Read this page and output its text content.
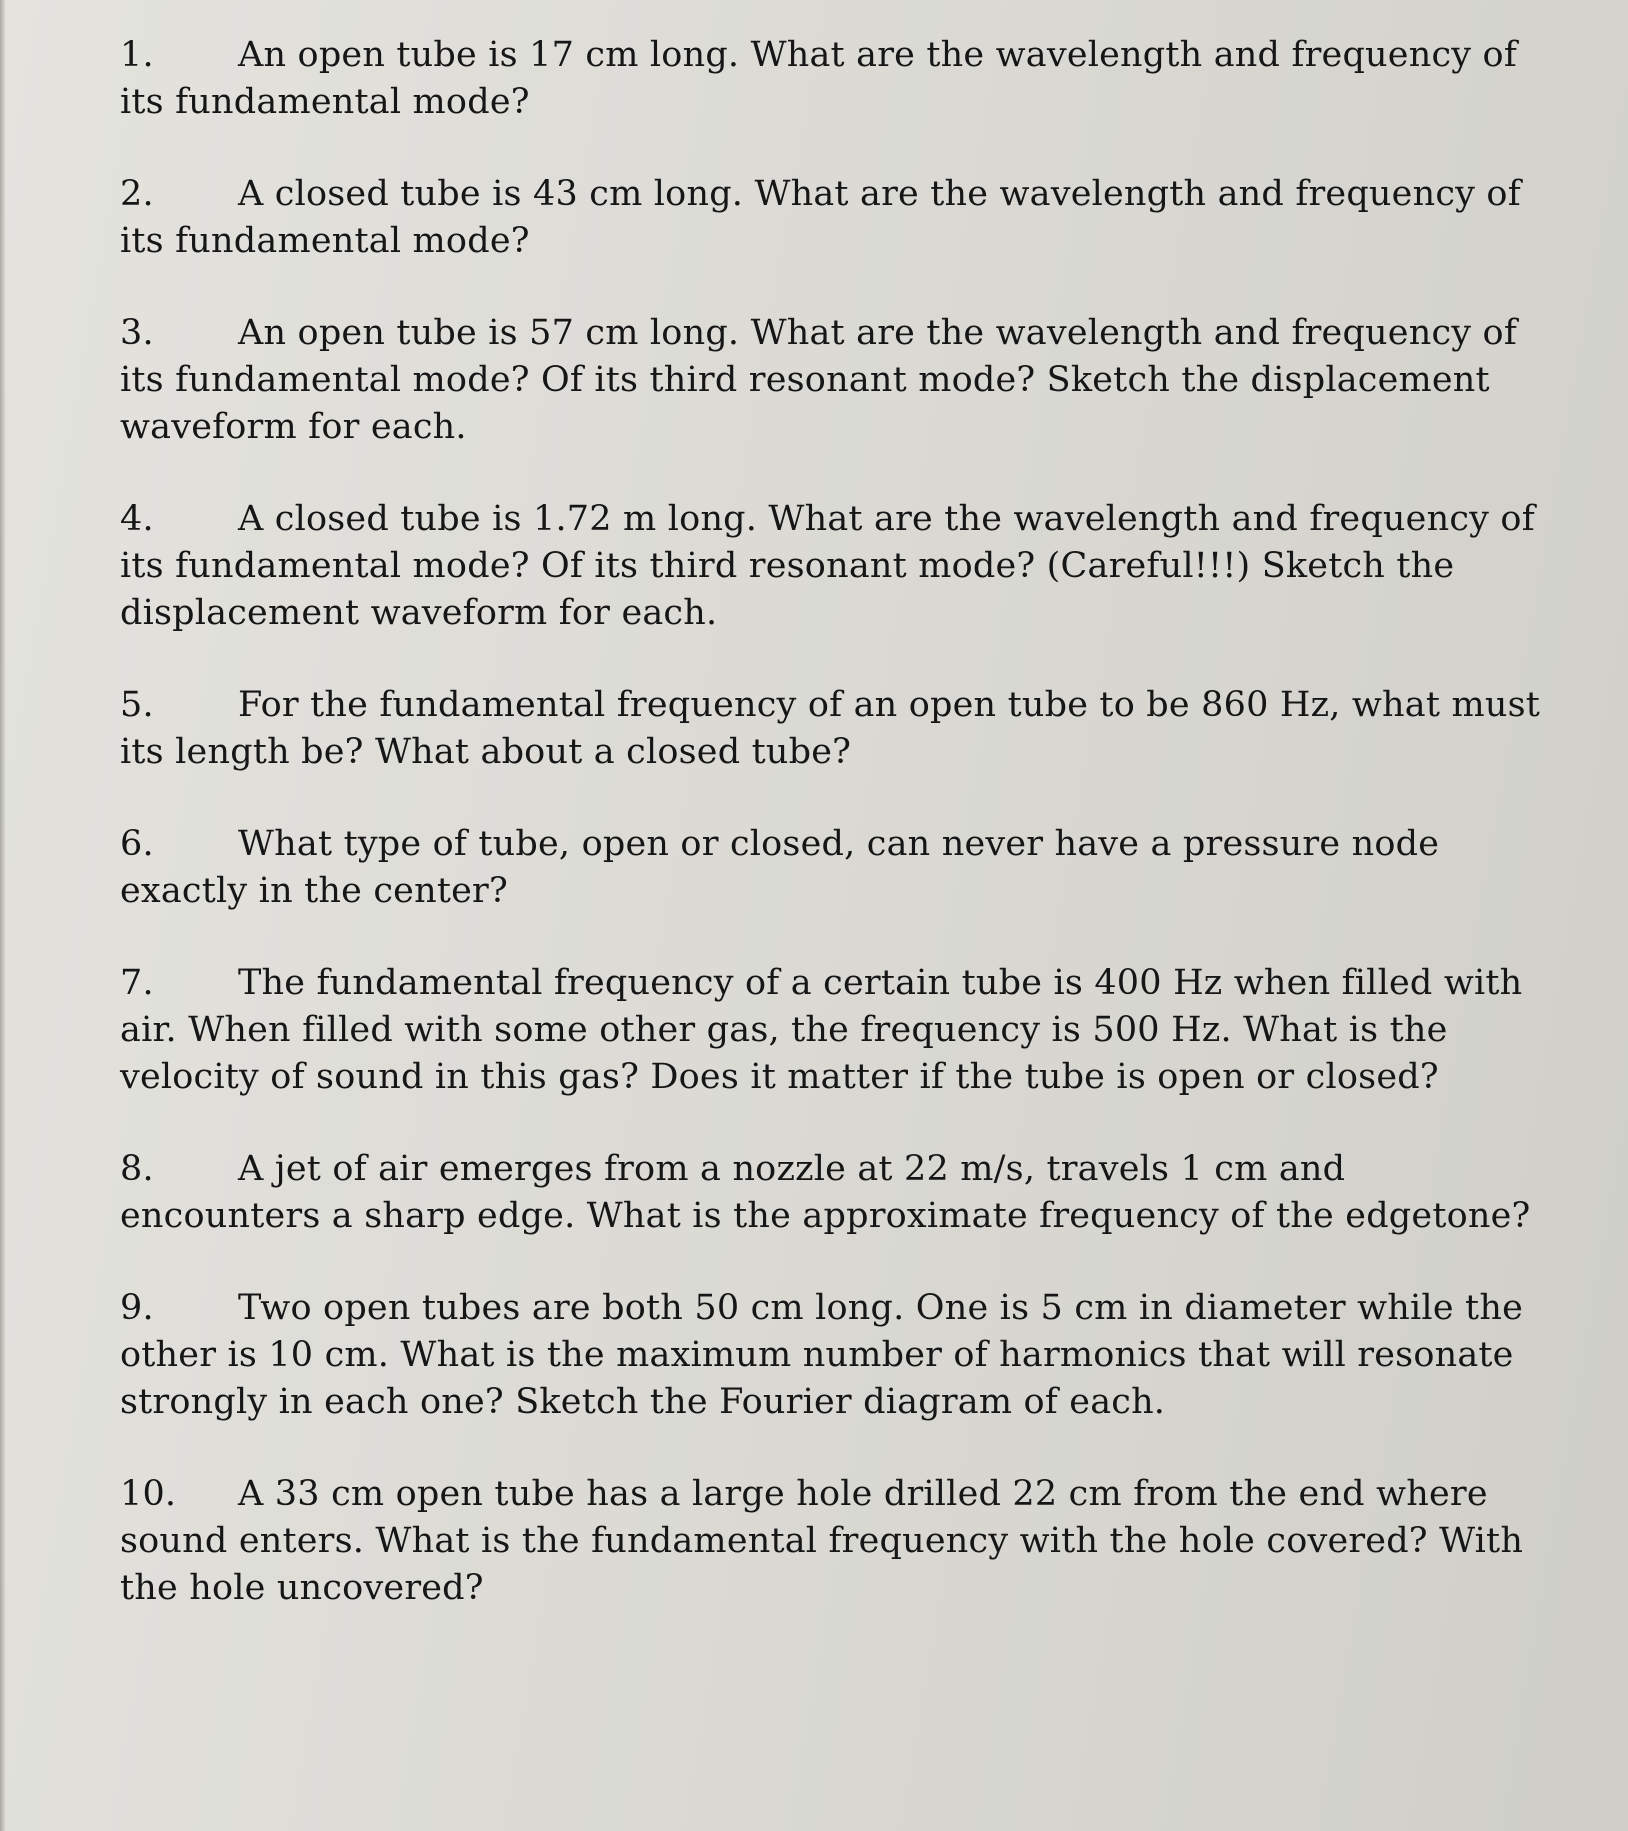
1. An open tube is 17 cm long. What are the wavelength and frequency of its fundamental mode?
2. A closed tube is 43 cm long. What are the wavelength and frequency of its fundamental mode?
3. An open tube is 57 cm long. What are the wavelength and frequency of its fundamental mode? Of its third resonant mode? Sketch the displacement waveform for each.
4. A closed tube is 1.72 m long. What are the wavelength and frequency of its fundamental mode? Of its third resonant mode? (Careful!!!) Sketch the displacement waveform for each.
5. For the fundamental frequency of an open tube to be 860 Hz, what must its length be? What about a closed tube?
6. What type of tube, open or closed, can never have a pressure node exactly in the center?
7. The fundamental frequency of a certain tube is 400 Hz when filled with air. When filled with some other gas, the frequency is 500 Hz. What is the velocity of sound in this gas? Does it matter if the tube is open or closed?
8. A jet of air emerges from a nozzle at 22 m/s, travels 1 cm and encounters a sharp edge. What is the approximate frequency of the edgetone?
9. Two open tubes are both 50 cm long. One is 5 cm in diameter while the other is 10 cm. What is the maximum number of harmonics that will resonate strongly in each one? Sketch the Fourier diagram of each.
10. A 33 cm open tube has a large hole drilled 22 cm from the end where sound enters. What is the fundamental frequency with the hole covered? With the hole uncovered?
